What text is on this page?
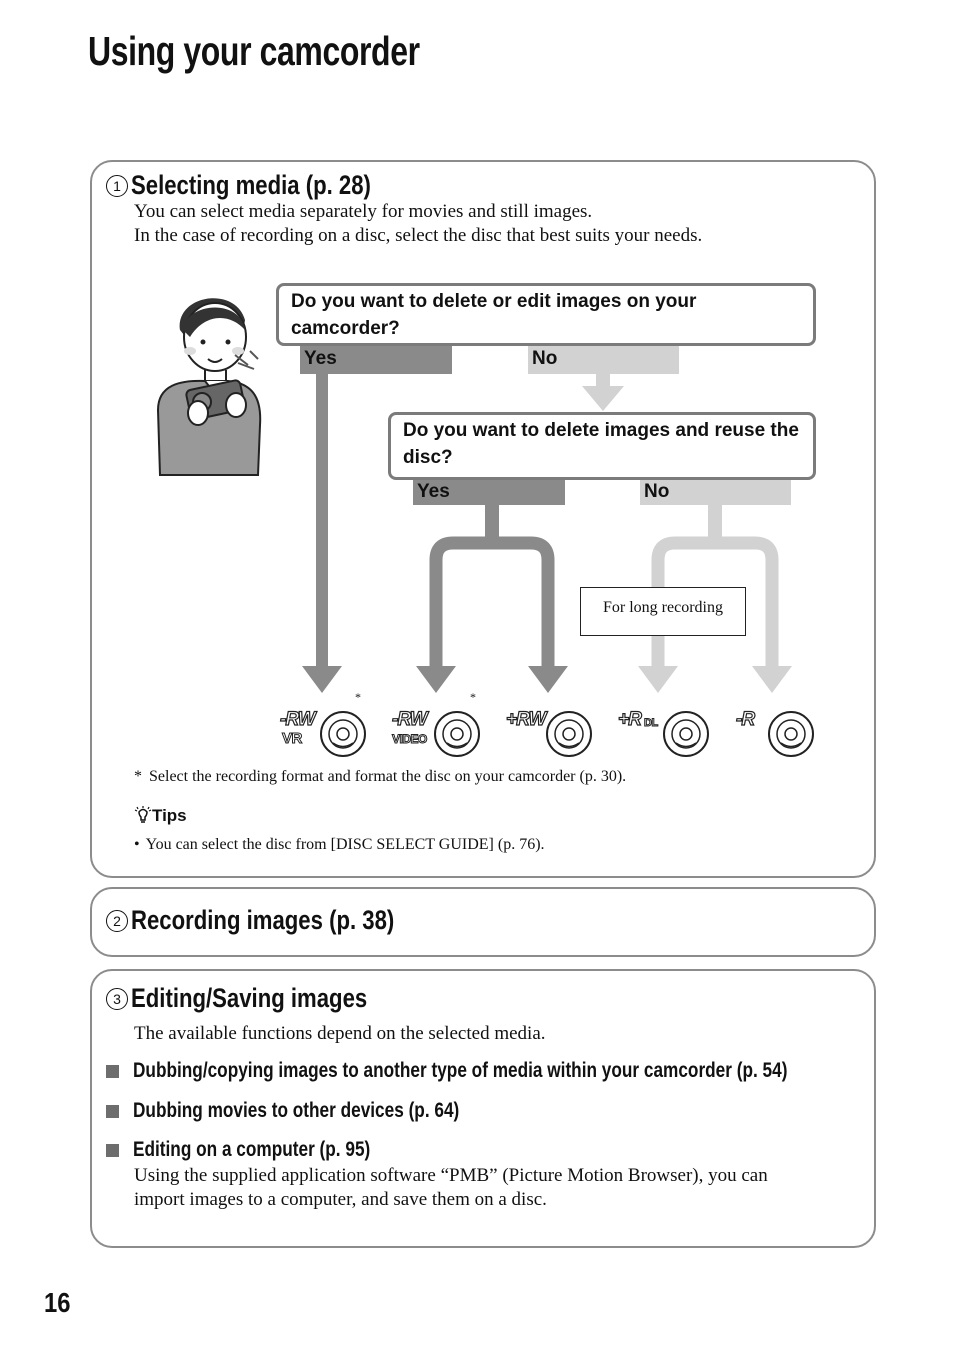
Using your camcorder
1 Selecting media (p. 28)
You can select media separately for movies and still images.
In the case of recording on a disc, select the disc that best suits your needs.
Yes	No
Do you want to delete or edit images on your camcorder?
Yes	No
Do you want to delete images and reuse the disc?
For long recording
*	*
-RW
VR
-RW
VIDEO
+RW	+R DL	-R
* Select the recording format and format the disc on your camcorder (p. 30).
Tips
• You can select the disc from [DISC SELECT GUIDE] (p. 76).
2 Recording images (p. 38)
3 Editing/Saving images
The available functions depend on the selected media.
Dubbing/copying images to another type of media within your camcorder (p. 54)
Dubbing movies to other devices (p. 64)
Editing on a computer (p. 95)
Using the supplied application software “PMB” (Picture Motion Browser), you can
import images to a computer, and save them on a disc.
16
